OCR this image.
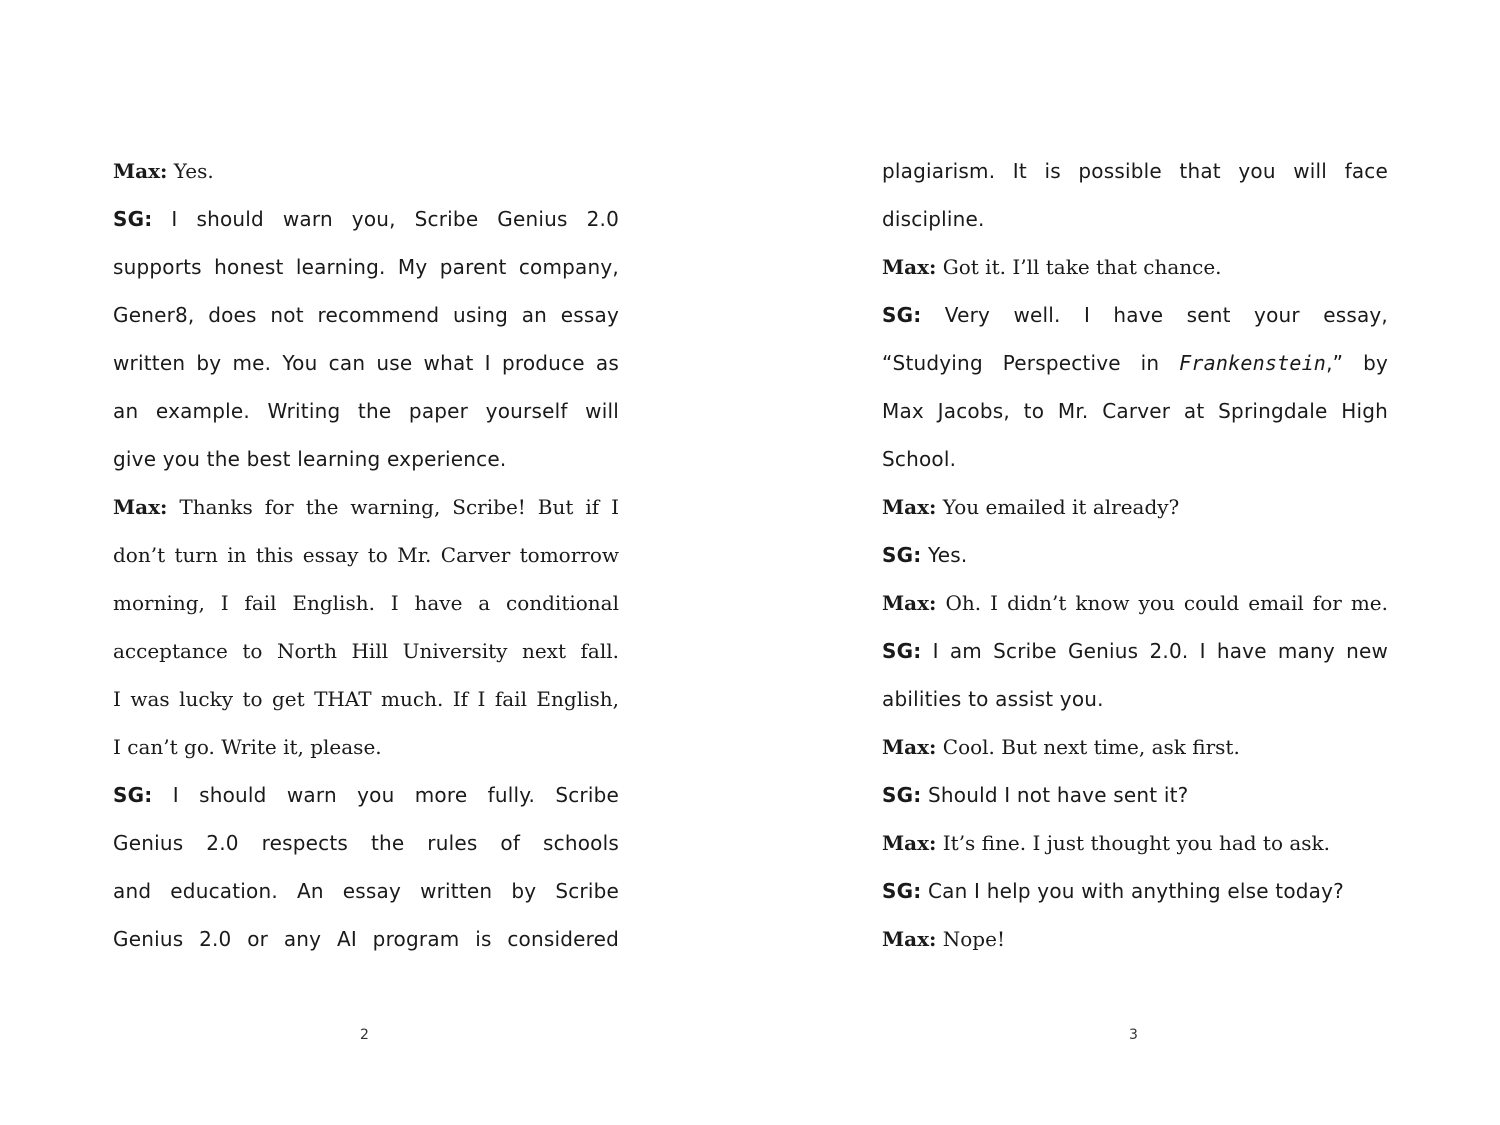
Max: Yes.
SG: I should warn you, Scribe Genius 2.0
supports honest learning. My parent company,
Gener8, does not recommend using an essay
written by me. You can use what I produce as
an example. Writing the paper yourself will
give you the best learning experience.
Max: Thanks for the warning, Scribe! But if I
don’t turn in this essay to Mr. Carver tomorrow
morning, I fail English. I have a conditional
acceptance to North Hill University next fall.
I was lucky to get THAT much. If I fail English,
I can’t go. Write it, please.
SG: I should warn you more fully. Scribe
Genius 2.0 respects the rules of schools
and education. An essay written by Scribe
Genius 2.0 or any AI program is considered
plagiarism. It is possible that you will face
discipline.
Max: Got it. I’ll take that chance.
SG: Very well. I have sent your essay,
“Studying Perspective in Frankenstein,” by
Max Jacobs, to Mr. Carver at Springdale High
School.
Max: You emailed it already?
SG: Yes.
Max: Oh. I didn’t know you could email for me.
SG: I am Scribe Genius 2.0. I have many new
abilities to assist you.
Max: Cool. But next time, ask first.
SG: Should I not have sent it?
Max: It’s fine. I just thought you had to ask.
SG: Can I help you with anything else today?
Max: Nope!
2	3
